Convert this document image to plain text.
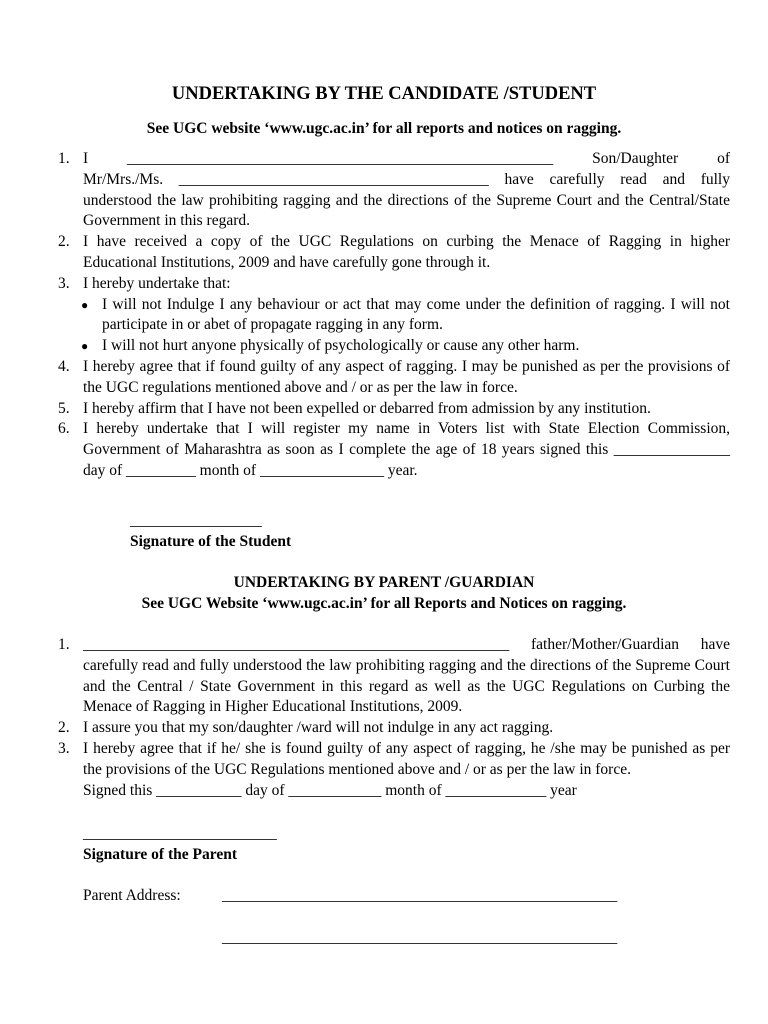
UNDERTAKING BY THE CANDIDATE /STUDENT
See UGC website ‘www.ugc.ac.in’ for all reports and notices on ragging.
1. I	_______________________________________________________	Son/Daughter	of
Mr/Mrs./Ms. ________________________________________ have carefully read and fully understood the law prohibiting ragging and the directions of the Supreme Court and the Central/State Government in this regard.
2. I have received a copy of the UGC Regulations on curbing the Menace of Ragging in higher Educational Institutions, 2009 and have carefully gone through it.
3. I hereby undertake that:
● I will not Indulge I any behaviour or act that may come under the definition of ragging. I will not participate in or abet of propagate ragging in any form.
● I will not hurt anyone physically of psychologically or cause any other harm.
4. I hereby agree that if found guilty of any aspect of ragging. I may be punished as per the provisions of the UGC regulations mentioned above and / or as per the law in force.
5. I hereby affirm that I have not been expelled or debarred from admission by any institution.
6. I hereby undertake that I will register my name in Voters list with State Election Commission, Government of Maharashtra as soon as I complete the age of 18 years signed this _______________ day of _________ month of ________________ year.
_________________
Signature of the Student
UNDERTAKING BY PARENT /GUARDIAN
See UGC Website ‘www.ugc.ac.in’ for all Reports and Notices on ragging.
1. _______________________________________________________ father/Mother/Guardian have carefully read and fully understood the law prohibiting ragging and the directions of the Supreme Court and the Central / State Government in this regard as well as the UGC Regulations on Curbing the Menace of Ragging in Higher Educational Institutions, 2009.
2. I assure you that my son/daughter /ward will not indulge in any act ragging.
3. I hereby agree that if he/ she is found guilty of any aspect of ragging, he /she may be punished as per the provisions of the UGC Regulations mentioned above and / or as per the law in force.
Signed this ___________ day of ____________ month of _____________ year
_________________________
Signature of the Parent
Parent Address:	___________________________________________________
___________________________________________________
